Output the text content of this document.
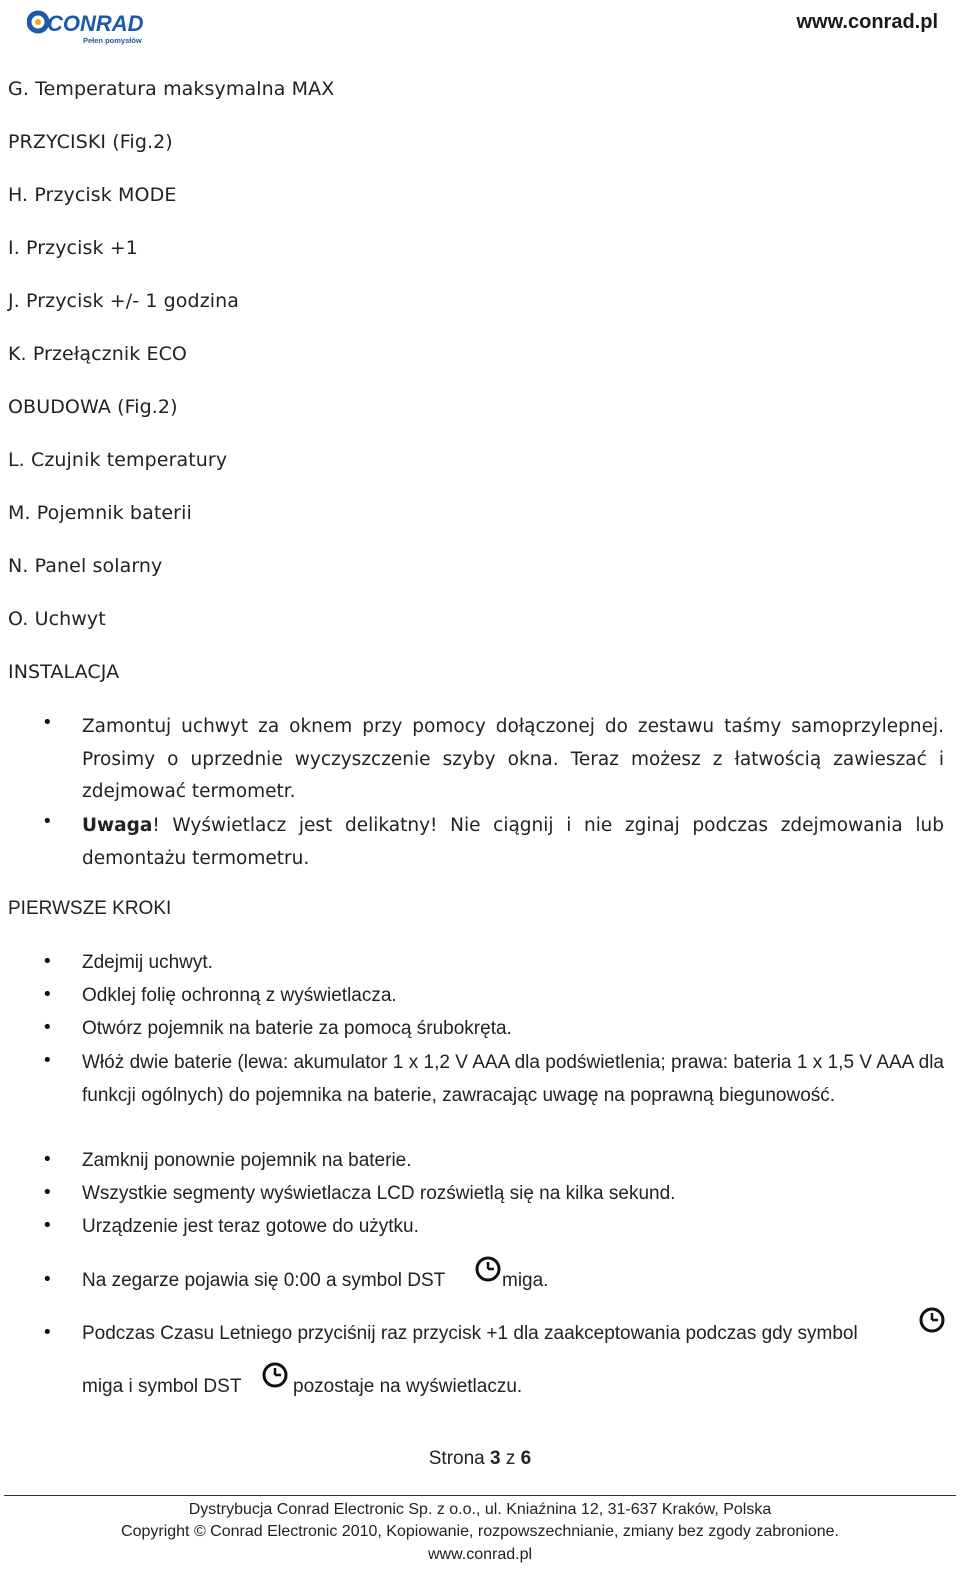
CONRAD
Pełen pomysłów
www.conrad.pl
G. Temperatura maksymalna MAX
PRZYCISKI (Fig.2)
H. Przycisk MODE
I. Przycisk +1
J. Przycisk +/- 1 godzina
K. Przełącznik ECO
OBUDOWA (Fig.2)
L. Czujnik temperatury
M. Pojemnik baterii
N. Panel solarny
O. Uchwyt
INSTALACJA
• Zamontuj uchwyt za oknem przy pomocy dołączonej do zestawu taśmy samoprzylepnej. Prosimy o uprzednie wyczyszczenie szyby okna. Teraz możesz z łatwością zawieszać i zdejmować termometr.
• Uwaga! Wyświetlacz jest delikatny! Nie ciągnij i nie zginaj podczas zdejmowania lub demontażu termometru.
PIERWSZE KROKI
• Zdejmij uchwyt.
• Odklej folię ochronną z wyświetlacza.
• Otwórz pojemnik na baterie za pomocą śrubokręta.
• Włóż dwie baterie (lewa: akumulator 1 x 1,2 V AAA dla podświetlenia; prawa: bateria 1 x 1,5 V AAA dla funkcji ogólnych) do pojemnika na baterie, zawracając uwagę na poprawną biegunowość.
• Zamknij ponownie pojemnik na baterie.
• Wszystkie segmenty wyświetlacza LCD rozświetlą się na kilka sekund.
• Urządzenie jest teraz gotowe do użytku.
• Na zegarze pojawia się 0:00 a symbol DST	miga.
• Podczas Czasu Letniego przyciśnij raz przycisk +1 dla zaakceptowania podczas gdy symbol
miga i symbol DST	pozostaje na wyświetlaczu.
Strona 3 z 6
Dystrybucja Conrad Electronic Sp. z o.o., ul. Kniaźnina 12, 31-637 Kraków, Polska
Copyright © Conrad Electronic 2010, Kopiowanie, rozpowszechnianie, zmiany bez zgody zabronione.
www.conrad.pl
